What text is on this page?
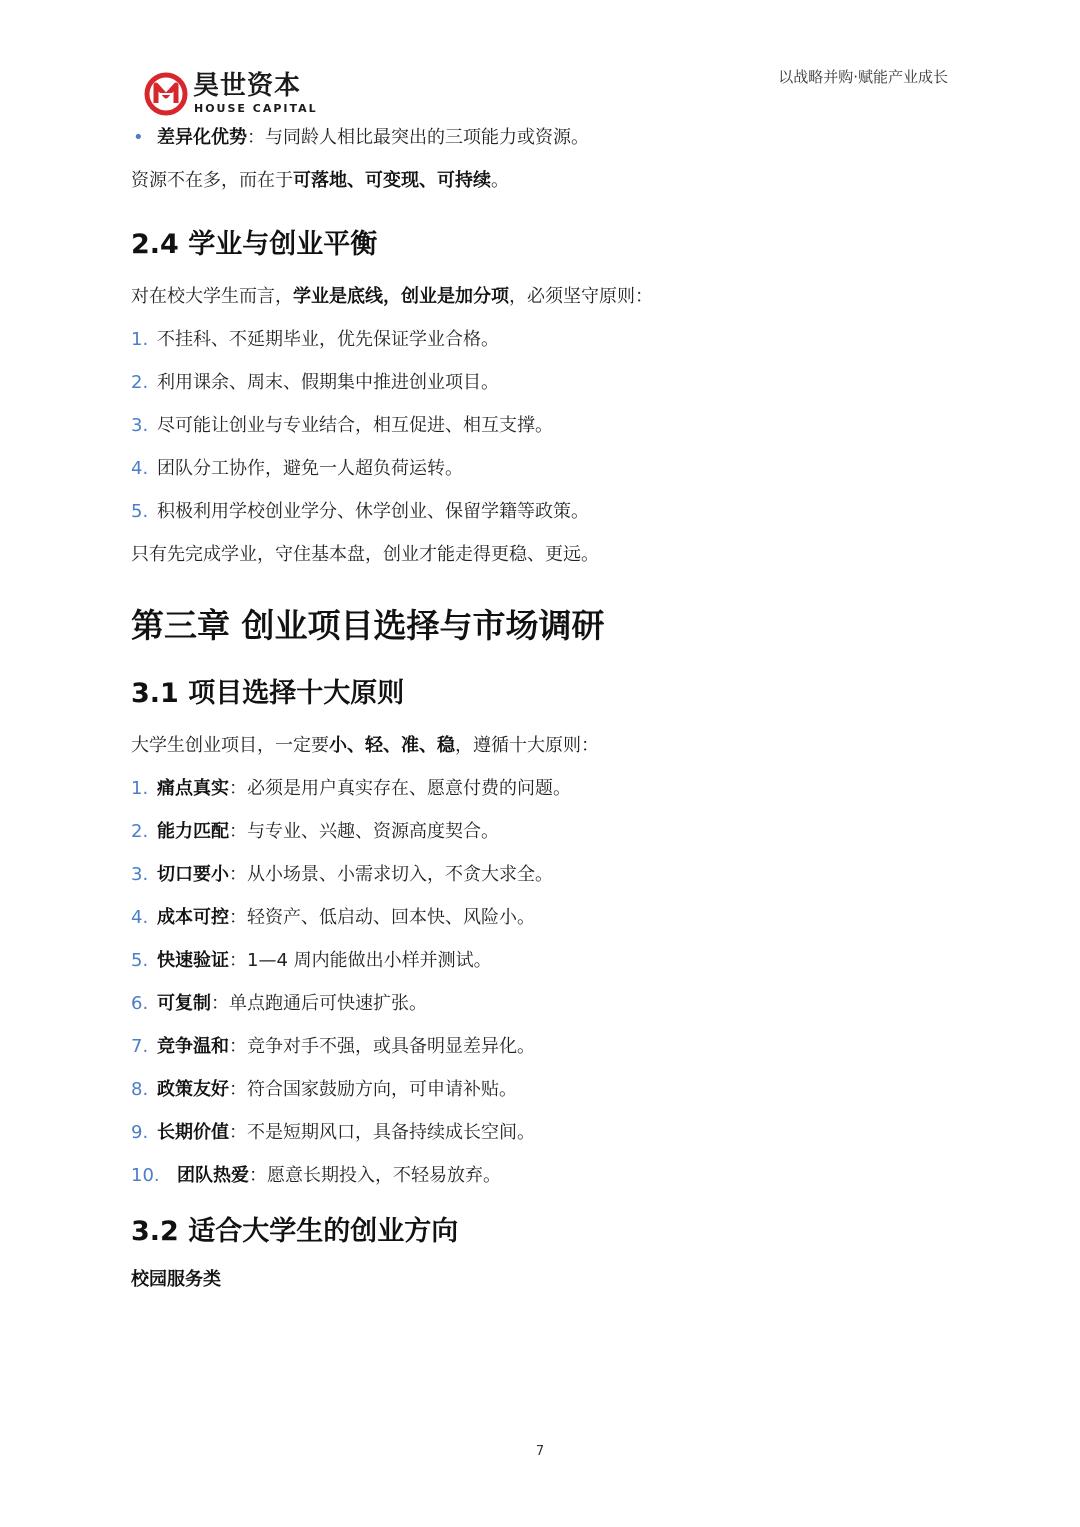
昊世资本
HOUSE CAPITAL
以战略并购·赋能产业成长
• 差异化优势：与同龄人相比最突出的三项能力或资源。
资源不在多，而在于可落地、可变现、可持续。
2.4 学业与创业平衡
对在校大学生而言，学业是底线，创业是加分项，必须坚守原则：
1. 不挂科、不延期毕业，优先保证学业合格。
2. 利用课余、周末、假期集中推进创业项目。
3. 尽可能让创业与专业结合，相互促进、相互支撑。
4. 团队分工协作，避免一人超负荷运转。
5. 积极利用学校创业学分、休学创业、保留学籍等政策。
只有先完成学业，守住基本盘，创业才能走得更稳、更远。
第三章 创业项目选择与市场调研
3.1 项目选择十大原则
大学生创业项目，一定要小、轻、准、稳，遵循十大原则：
1. 痛点真实：必须是用户真实存在、愿意付费的问题。
2. 能力匹配：与专业、兴趣、资源高度契合。
3. 切口要小：从小场景、小需求切入，不贪大求全。
4. 成本可控：轻资产、低启动、回本快、风险小。
5. 快速验证：1—4 周内能做出小样并测试。
6. 可复制：单点跑通后可快速扩张。
7. 竞争温和：竞争对手不强，或具备明显差异化。
8. 政策友好：符合国家鼓励方向，可申请补贴。
9. 长期价值：不是短期风口，具备持续成长空间。
10. 团队热爱：愿意长期投入，不轻易放弃。
3.2 适合大学生的创业方向
校园服务类
7
